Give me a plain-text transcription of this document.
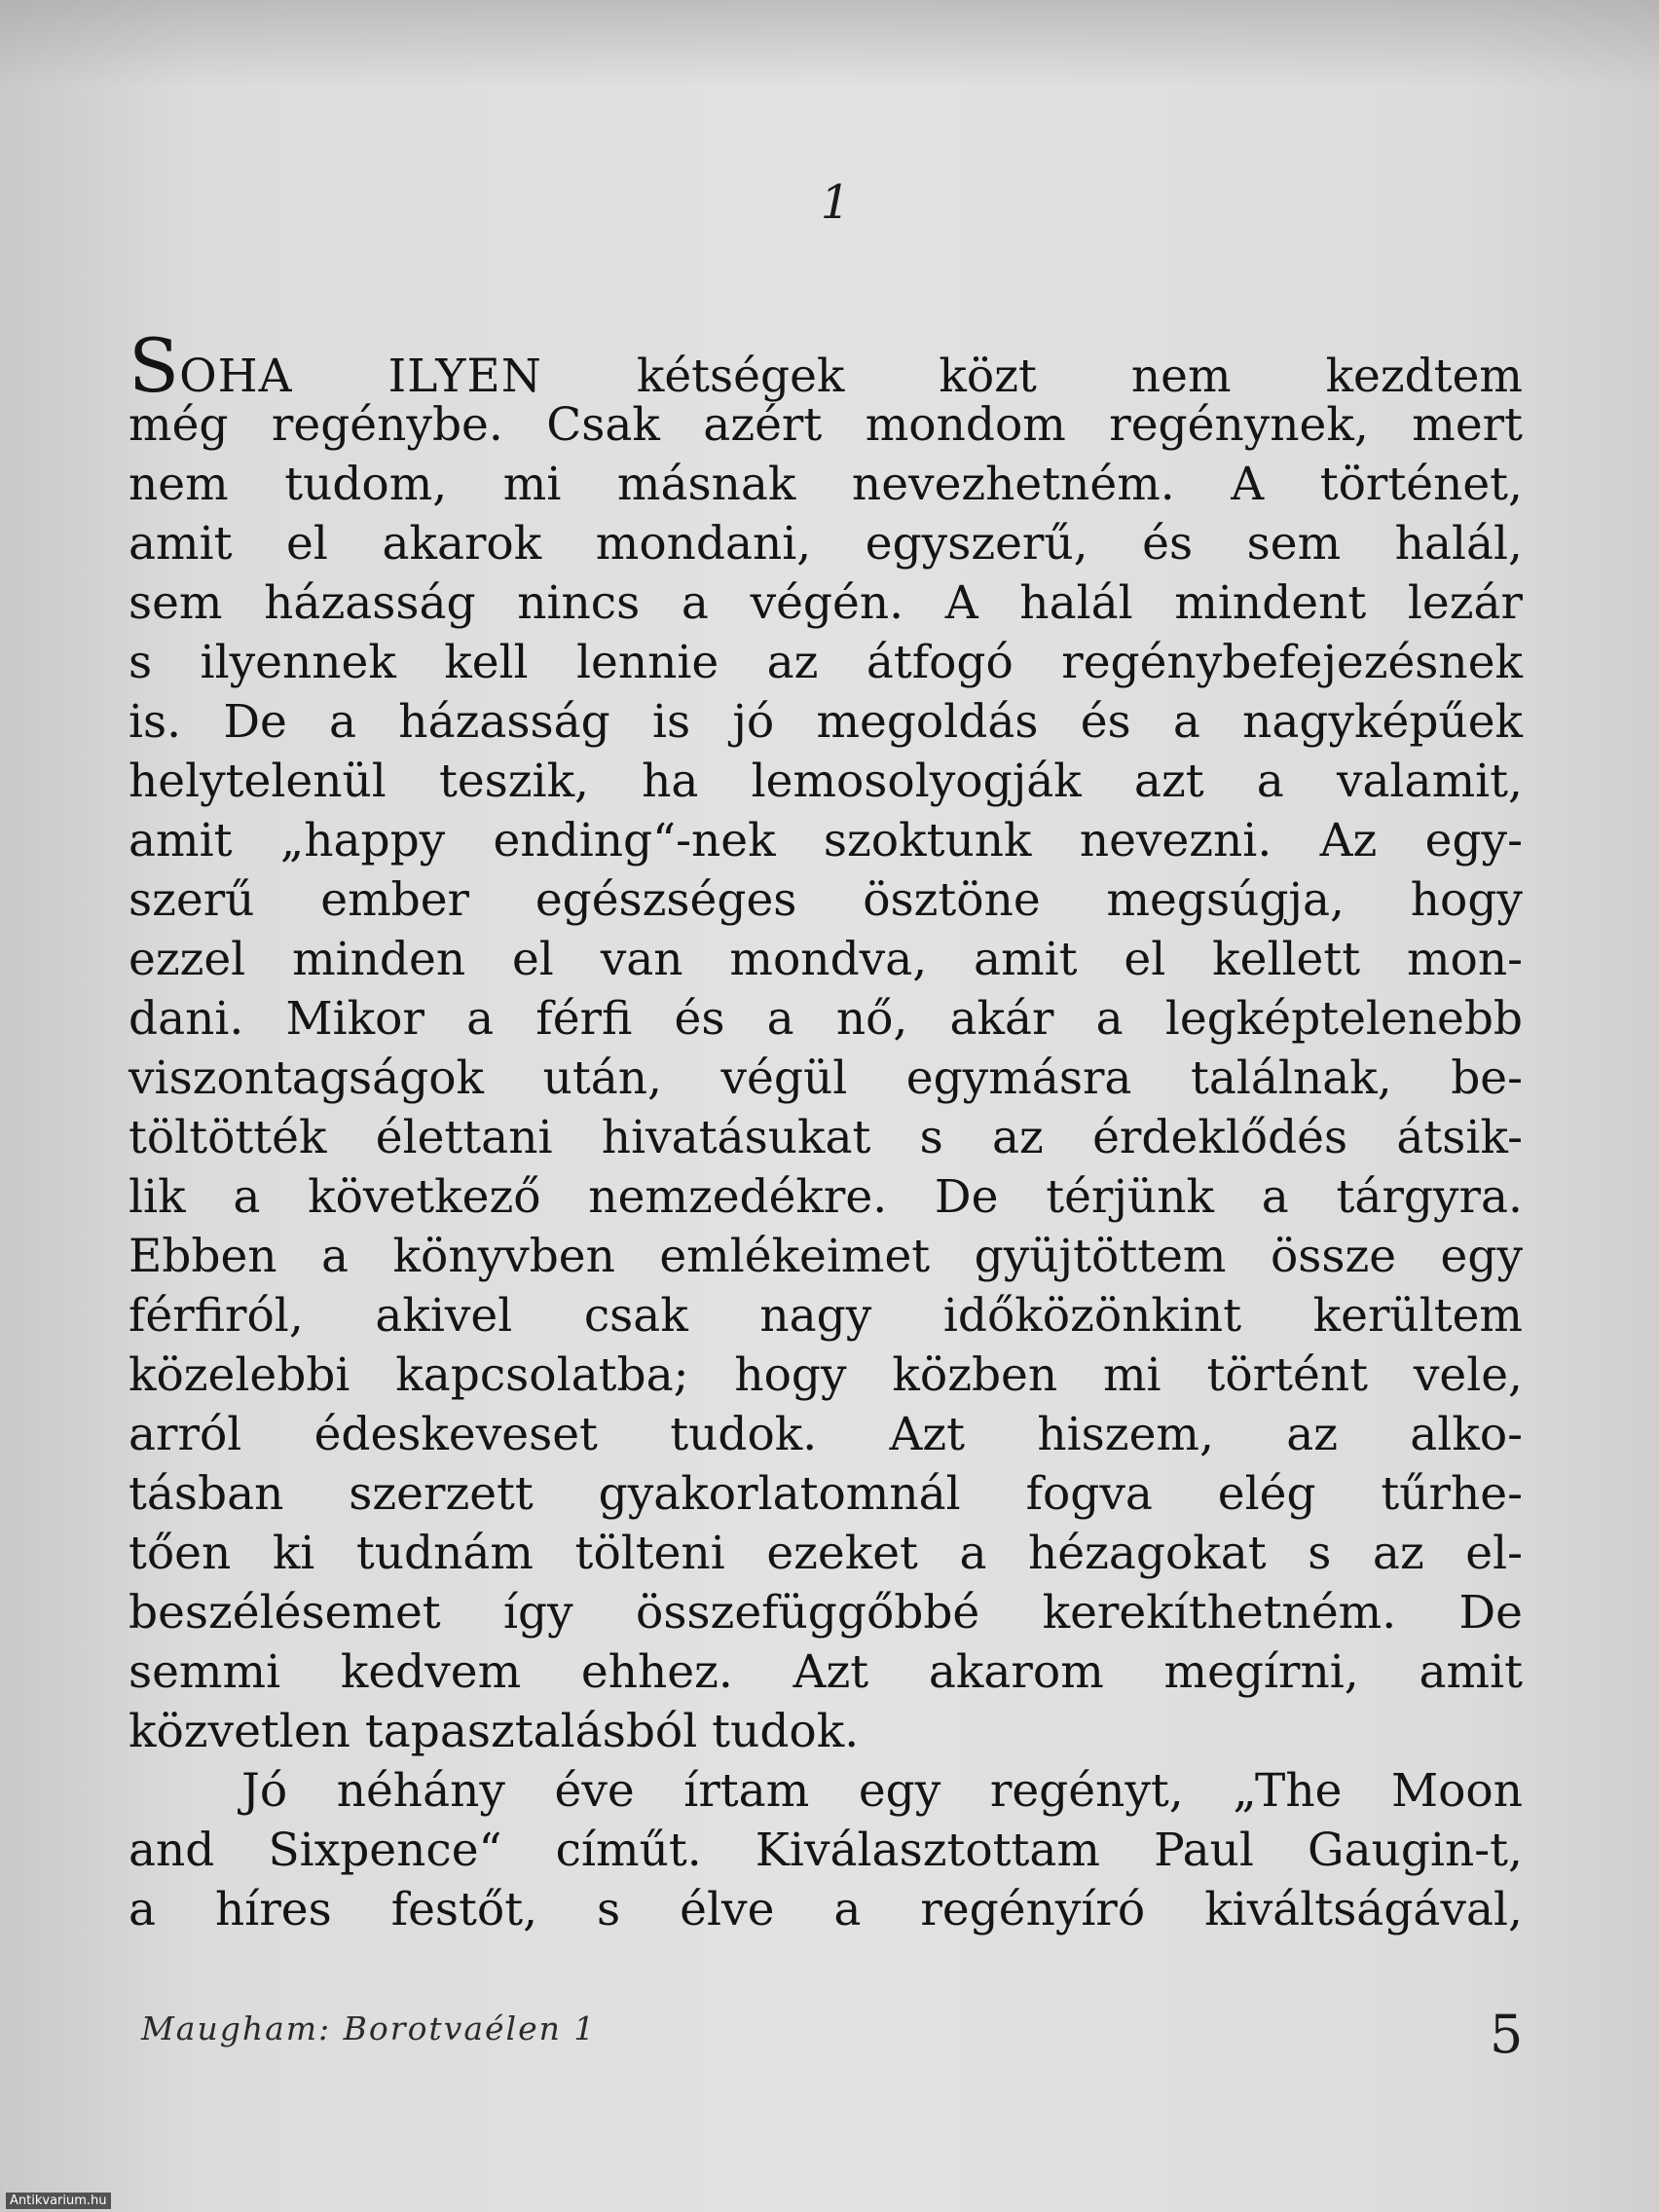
1
SOHA ILYEN kétségek közt nem kezdtem
még regénybe. Csak azért mondom regénynek, mert
nem tudom, mi másnak nevezhetném. A történet,
amit el akarok mondani, egyszerű, és sem halál,
sem házasság nincs a végén. A halál mindent lezár
s ilyennek kell lennie az átfogó regénybefejezésnek
is. De a házasság is jó megoldás és a nagyképűek
helytelenül teszik, ha lemosolyogják azt a valamit,
amit „happy ending“-nek szoktunk nevezni. Az egy-
szerű ember egészséges ösztöne megsúgja, hogy
ezzel minden el van mondva, amit el kellett mon-
dani. Mikor a férfi és a nő, akár a legképtelenebb
viszontagságok után, végül egymásra találnak, be-
töltötték élettani hivatásukat s az érdeklődés átsik-
lik a következő nemzedékre. De térjünk a tárgyra.
Ebben a könyvben emlékeimet gyüjtöttem össze egy
férfiról, akivel csak nagy időközönkint kerültem
közelebbi kapcsolatba; hogy közben mi történt vele,
arról édeskeveset tudok. Azt hiszem, az alko-
tásban szerzett gyakorlatomnál fogva elég tűrhe-
tően ki tudnám tölteni ezeket a hézagokat s az el-
beszélésemet így összefüggőbbé kerekíthetném. De
semmi kedvem ehhez. Azt akarom megírni, amit
közvetlen tapasztalásból tudok.
Jó néhány éve írtam egy regényt, „The Moon
and Sixpence“ címűt. Kiválasztottam Paul Gaugin-t,
a híres festőt, s élve a regényíró kiváltságával,
Maugham: Borotvaélen 1	5
Antikvarium.hu
